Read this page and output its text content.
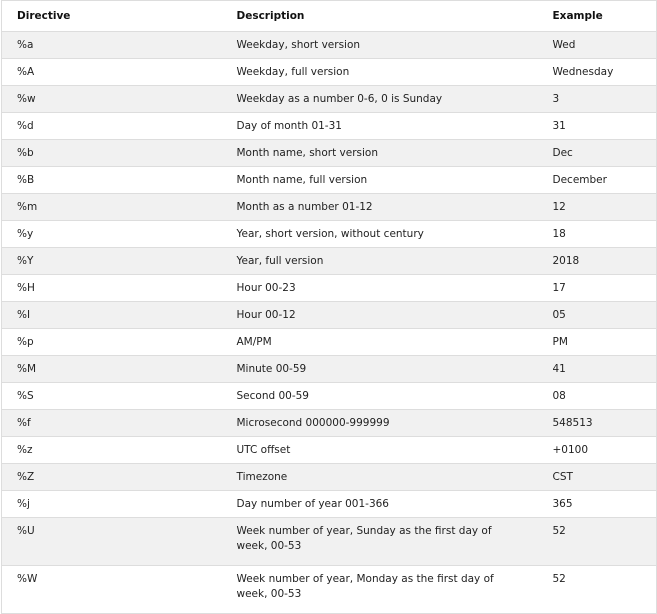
Directive	Description	Example
%a	Weekday, short version	Wed
%A	Weekday, full version	Wednesday
%w	Weekday as a number 0-6, 0 is Sunday	3
%d	Day of month 01-31	31
%b	Month name, short version	Dec
%B	Month name, full version	December
%m	Month as a number 01-12	12
%y	Year, short version, without century	18
%Y	Year, full version	2018
%H	Hour 00-23	17
%I	Hour 00-12	05
%p	AM/PM	PM
%M	Minute 00-59	41
%S	Second 00-59	08
%f	Microsecond 000000-999999	548513
%z	UTC offset	+0100
%Z	Timezone	CST
%j	Day number of year 001-366	365
%U	Week number of year, Sunday as the first day of week, 00-53	52
%W	Week number of year, Monday as the first day of week, 00-53	52
